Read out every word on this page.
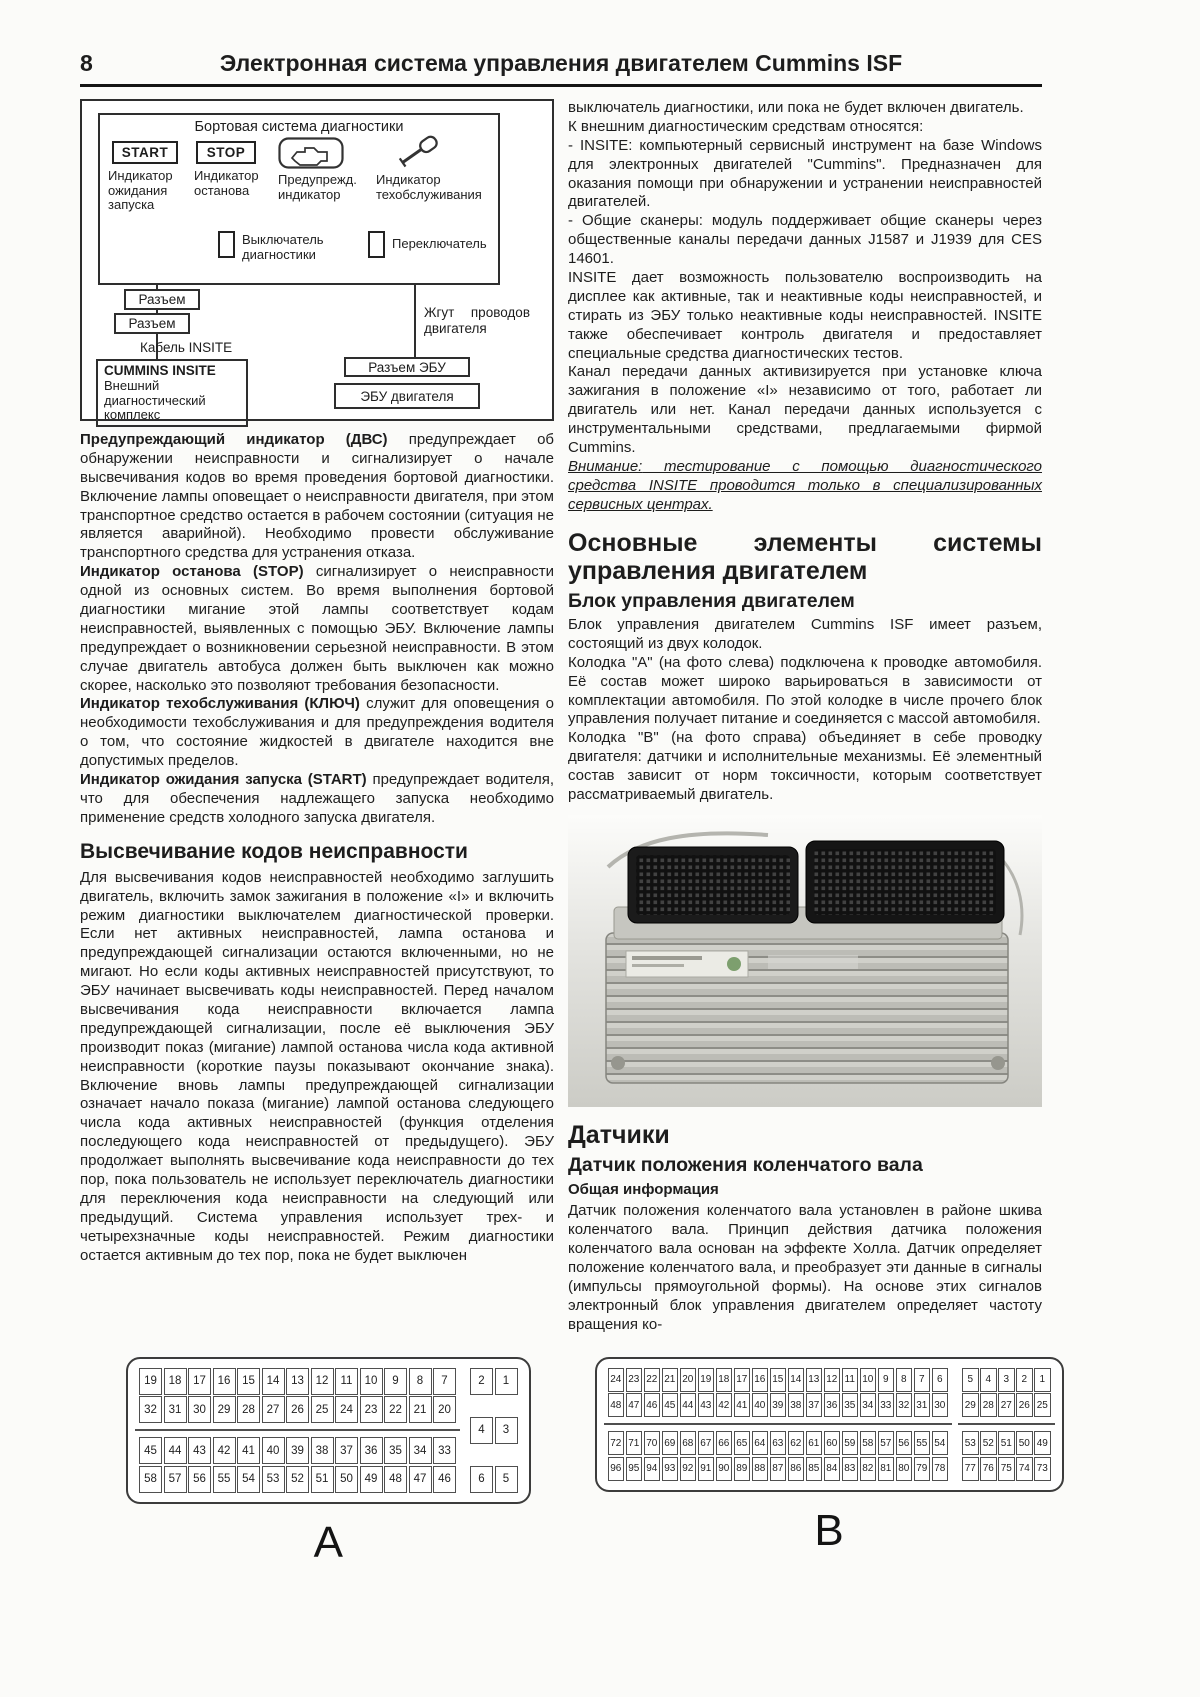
8	Электронная система управления двигателем Cummins ISF
Бортовая система диагностики
START	STOP
Индикатор ожидания запуска
Индикатор останова
Предупрежд. индикатор
Индикатор техобслуживания
Выключатель диагностики
Переключатель
Разъем
Разъем
Кабель INSITE
CUMMINS INSITE
Внешний диагностический комплекс
Жгут проводов двигателя
Разъем ЭБУ
ЭБУ двигателя

Предупреждающий индикатор (ДВС) предупреждает об обнаружении неисправности и сигнализирует о начале высвечивания кодов во время проведения бортовой диагностики. Включение лампы оповещает о неисправности двигателя, при этом транспортное средство остается в рабочем состоянии (ситуация не является аварийной). Необходимо провести обслуживание транспортного средства для устранения отказа.

Индикатор останова (STOP) сигнализирует о неисправности одной из основных систем. Во время выполнения бортовой диагностики мигание этой лампы соответствует кодам неисправностей, выявленных с помощью ЭБУ. Включение лампы предупреждает о возникновении серьезной неисправности. В этом случае двигатель автобуса должен быть выключен как можно скорее, насколько это позволяют требования безопасности.

Индикатор техобслуживания (КЛЮЧ) служит для оповещения о необходимости техобслуживания и для предупреждения водителя о том, что состояние жидкостей в двигателе находится вне допустимых пределов.

Индикатор ожидания запуска (START) предупреждает водителя, что для обеспечения надлежащего запуска необходимо применение средств холодного запуска двигателя.

Высвечивание кодов неисправности

Для высвечивания кодов неисправностей необходимо заглушить двигатель, включить замок зажигания в положение «I» и включить режим диагностики выключателем диагностической проверки. Если нет активных неисправностей, лампа останова и предупреждающей сигнализации остаются включенными, но не мигают. Но если коды активных неисправностей присутствуют, то ЭБУ начинает высвечивать коды неисправностей. Перед началом высвечивания кода неисправности включается лампа предупреждающей сигнализации, после её выключения ЭБУ производит показ (мигание) лампой останова числа кода активной неисправности (короткие паузы показывают окончание знака). Включение вновь лампы предупреждающей сигнализации означает начало показа (мигание) лампой останова следующего числа кода активных неисправностей (функция отделения последующего кода неисправностей от предыдущего). ЭБУ продолжает выполнять высвечивание кода неисправности до тех пор, пока пользователь не использует переключатель диагностики для переключения кода неисправности на следующий или предыдущий. Система управления использует трех- и четырехзначные коды неисправностей. Режим диагностики остается активным до тех пор, пока не будет выключен

выключатель диагностики, или пока не будет включен двигатель.

К внешним диагностическим средствам относятся:

- INSITE: компьютерный сервисный инструмент на базе Windows для электронных двигателей "Cummins". Предназначен для оказания помощи при обнаружении и устранении неисправностей двигателей.

- Общие сканеры: модуль поддерживает общие сканеры через общественные каналы передачи данных J1587 и J1939 для CES 14601.

INSITE дает возможность пользователю воспроизводить на дисплее как активные, так и неактивные коды неисправностей, и стирать из ЭБУ только неактивные коды неисправностей. INSITE также обеспечивает контроль двигателя и предоставляет специальные средства диагностических тестов.

Канал передачи данных активизируется при установке ключа зажигания в положение «I» независимо от того, работает ли двигатель или нет. Канал передачи данных используется с инструментальными средствами, предлагаемыми фирмой Cummins.

Внимание: тестирование с помощью диагностического средства INSITE проводится только в специализированных сервисных центрах.

Основные элементы системы управления двигателем
Блок управления двигателем

Блок управления двигателем Cummins ISF имеет разъем, состоящий из двух колодок.

Колодка "А" (на фото слева) подключена к проводке автомобиля. Её состав может широко варьироваться в зависимости от комплектации автомобиля. По этой колодке в числе прочего блок управления получает питание и соединяется с массой автомобиля.

Колодка "В" (на фото справа) объединяет в себе проводку двигателя: датчики и исполнительные механизмы. Её элементный состав зависит от норм токсичности, которым соответствует рассматриваемый двигатель.

Датчики
Датчик положения коленчатого вала
Общая информация

Датчик положения коленчатого вала установлен в районе шкива коленчатого вала. Принцип действия датчика положения коленчатого вала основан на эффекте Холла. Датчик определяет положение коленчатого вала, и преобразует эти данные в сигналы (импульсы прямоугольной формы). На основе этих сигналов электронный блок управления двигателем определяет частоту вращения ко-

19	18	17	16	15	14	13	12	11	10	9	8	7
32	31	30	29	28	27	26	25	24	23	22	21	20
45	44	43	42	41	40	39	38	37	36	35	34	33
58	57	56	55	54	53	52	51	50	49	48	47	46
2	1
4	3
6	5
А
24 23 22 21 20 19 18 17 16 15 14 13 12 11 10 9	8	7	6
48 47 46 45 44 43 42 41 40 39 38 37 36 35 34 33 32 31 30
72 71 70 69 68 67 66 65 64 63 62 61 60 59 58 57 56 55 54
96 95 94 93 92 91 90 89 88 87 86 85 84 83 82 81 80 79 78
5	4	3	2	1
29 28 27 26 25
53 52 51 50 49
77 76 75 74 73
B
